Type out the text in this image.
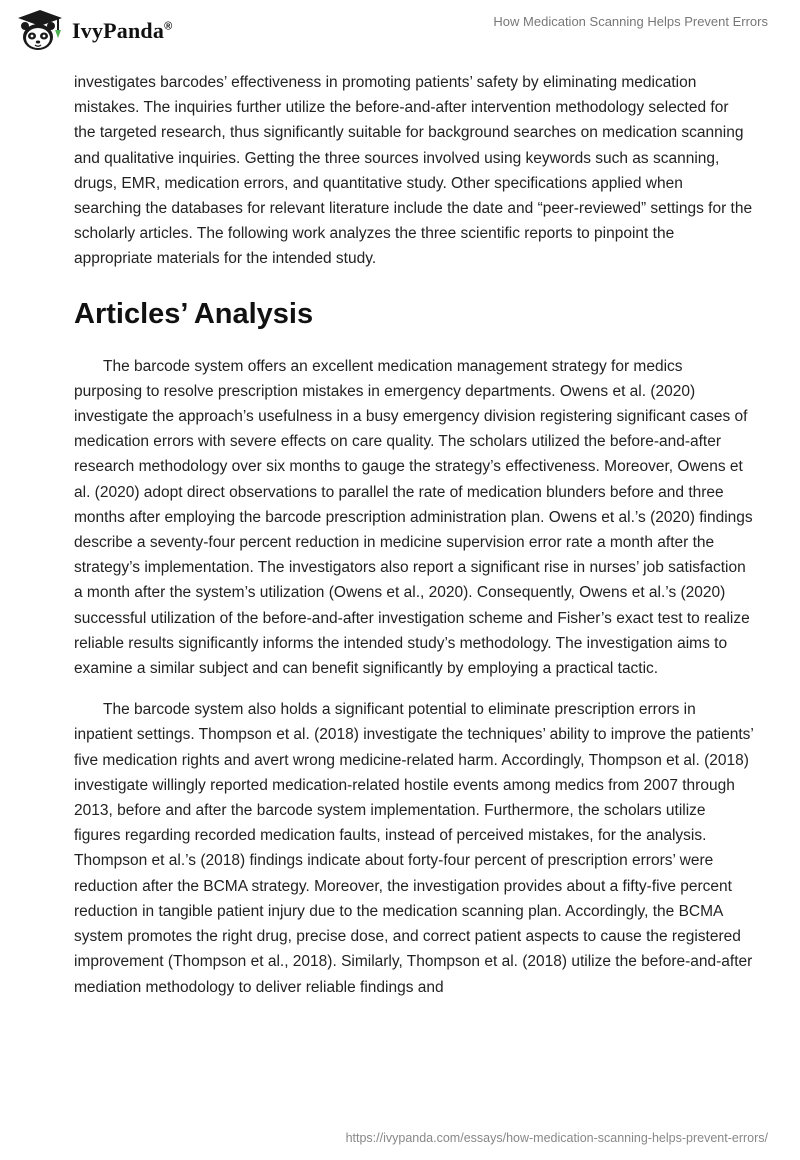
IvyPanda®	How Medication Scanning Helps Prevent Errors

investigates barcodes’ effectiveness in promoting patients’ safety by eliminating medication mistakes. The inquiries further utilize the before-and-after intervention methodology selected for the targeted research, thus significantly suitable for background searches on medication scanning and qualitative inquiries. Getting the three sources involved using keywords such as scanning, drugs, EMR, medication errors, and quantitative study. Other specifications applied when searching the databases for relevant literature include the date and “peer-reviewed” settings for the scholarly articles. The following work analyzes the three scientific reports to pinpoint the appropriate materials for the intended study.

Articles’ Analysis

The barcode system offers an excellent medication management strategy for medics purposing to resolve prescription mistakes in emergency departments. Owens et al. (2020) investigate the approach’s usefulness in a busy emergency division registering significant cases of medication errors with severe effects on care quality. The scholars utilized the before-and-after research methodology over six months to gauge the strategy’s effectiveness. Moreover, Owens et al. (2020) adopt direct observations to parallel the rate of medication blunders before and three months after employing the barcode prescription administration plan. Owens et al.’s (2020) findings describe a seventy-four percent reduction in medicine supervision error rate a month after the strategy’s implementation. The investigators also report a significant rise in nurses’ job satisfaction a month after the system’s utilization (Owens et al., 2020). Consequently, Owens et al.’s (2020) successful utilization of the before-and-after investigation scheme and Fisher’s exact test to realize reliable results significantly informs the intended study’s methodology. The investigation aims to examine a similar subject and can benefit significantly by employing a practical tactic.

The barcode system also holds a significant potential to eliminate prescription errors in inpatient settings. Thompson et al. (2018) investigate the techniques’ ability to improve the patients’ five medication rights and avert wrong medicine-related harm. Accordingly, Thompson et al. (2018) investigate willingly reported medication-related hostile events among medics from 2007 through 2013, before and after the barcode system implementation. Furthermore, the scholars utilize figures regarding recorded medication faults, instead of perceived mistakes, for the analysis. Thompson et al.’s (2018) findings indicate about forty-four percent of prescription errors’ were reduction after the BCMA strategy. Moreover, the investigation provides about a fifty-five percent reduction in tangible patient injury due to the medication scanning plan. Accordingly, the BCMA system promotes the right drug, precise dose, and correct patient aspects to cause the registered improvement (Thompson et al., 2018). Similarly, Thompson et al. (2018) utilize the before-and-after mediation methodology to deliver reliable findings and

https://ivypanda.com/essays/how-medication-scanning-helps-prevent-errors/
